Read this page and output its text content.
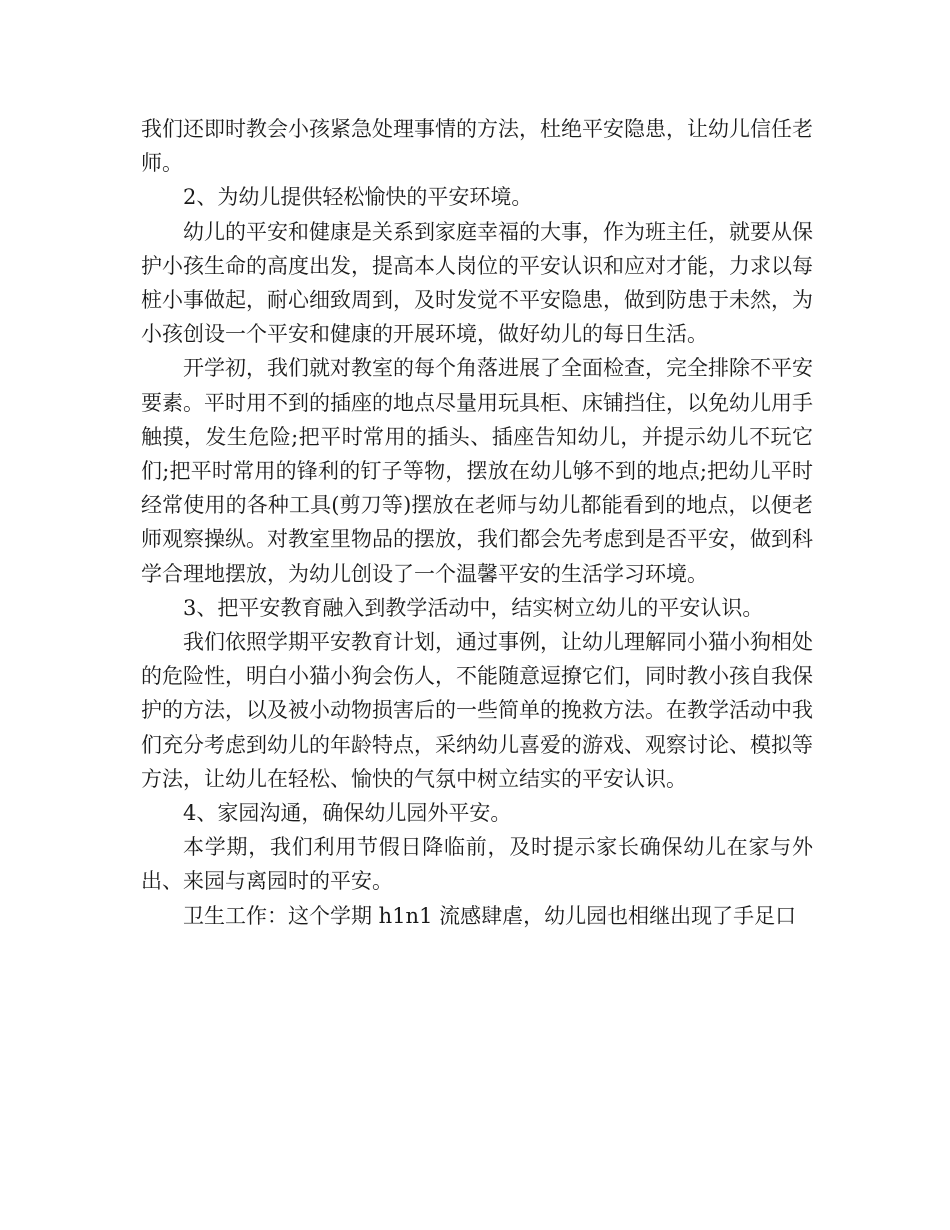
我们还即时教会小孩紧急处理事情的方法，杜绝平安隐患，让幼儿信任老师。

2、为幼儿提供轻松愉快的平安环境。

幼儿的平安和健康是关系到家庭幸福的大事，作为班主任，就要从保护小孩生命的高度出发，提高本人岗位的平安认识和应对才能，力求以每桩小事做起，耐心细致周到，及时发觉不平安隐患，做到防患于未然，为小孩创设一个平安和健康的开展环境，做好幼儿的每日生活。

开学初，我们就对教室的每个角落进展了全面检查，完全排除不平安要素。平时用不到的插座的地点尽量用玩具柜、床铺挡住，以免幼儿用手触摸，发生危险;把平时常用的插头、插座告知幼儿，并提示幼儿不玩它们;把平时常用的锋利的钉子等物，摆放在幼儿够不到的地点;把幼儿平时经常使用的各种工具(剪刀等)摆放在老师与幼儿都能看到的地点，以便老师观察操纵。对教室里物品的摆放，我们都会先考虑到是否平安，做到科学合理地摆放，为幼儿创设了一个温馨平安的生活学习环境。

3、把平安教育融入到教学活动中，结实树立幼儿的平安认识。

我们依照学期平安教育计划，通过事例，让幼儿理解同小猫小狗相处的危险性，明白小猫小狗会伤人，不能随意逗撩它们，同时教小孩自我保护的方法，以及被小动物损害后的一些简单的挽救方法。在教学活动中我们充分考虑到幼儿的年龄特点，采纳幼儿喜爱的游戏、观察讨论、模拟等方法，让幼儿在轻松、愉快的气氛中树立结实的平安认识。

4、家园沟通，确保幼儿园外平安。

本学期，我们利用节假日降临前，及时提示家长确保幼儿在家与外出、来园与离园时的平安。

卫生工作：这个学期 h1n1 流感肆虐，幼儿园也相继出现了手足口
